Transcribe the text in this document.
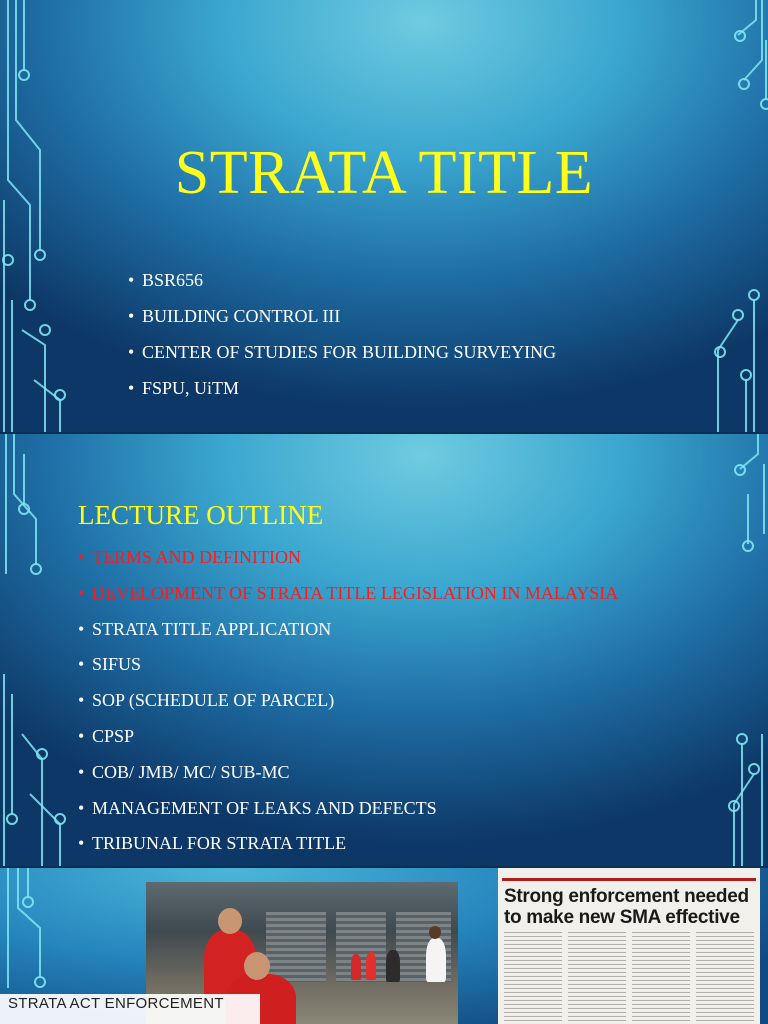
STRATA TITLE
• BSR656
• BUILDING CONTROL III
• CENTER OF STUDIES FOR BUILDING SURVEYING
• FSPU, UiTM
LECTURE OUTLINE
• TERMS AND DEFINITION
• DEVELOPMENT OF STRATA TITLE LEGISLATION IN MALAYSIA
• STRATA TITLE APPLICATION
• SIFUS
• SOP (SCHEDULE OF PARCEL)
• CPSP
• COB/ JMB/ MC/ SUB-MC
• MANAGEMENT OF LEAKS AND DEFECTS
• TRIBUNAL FOR STRATA TITLE
Strong enforcement needed to make new SMA effective
STRATA ACT ENFORCEMENT
